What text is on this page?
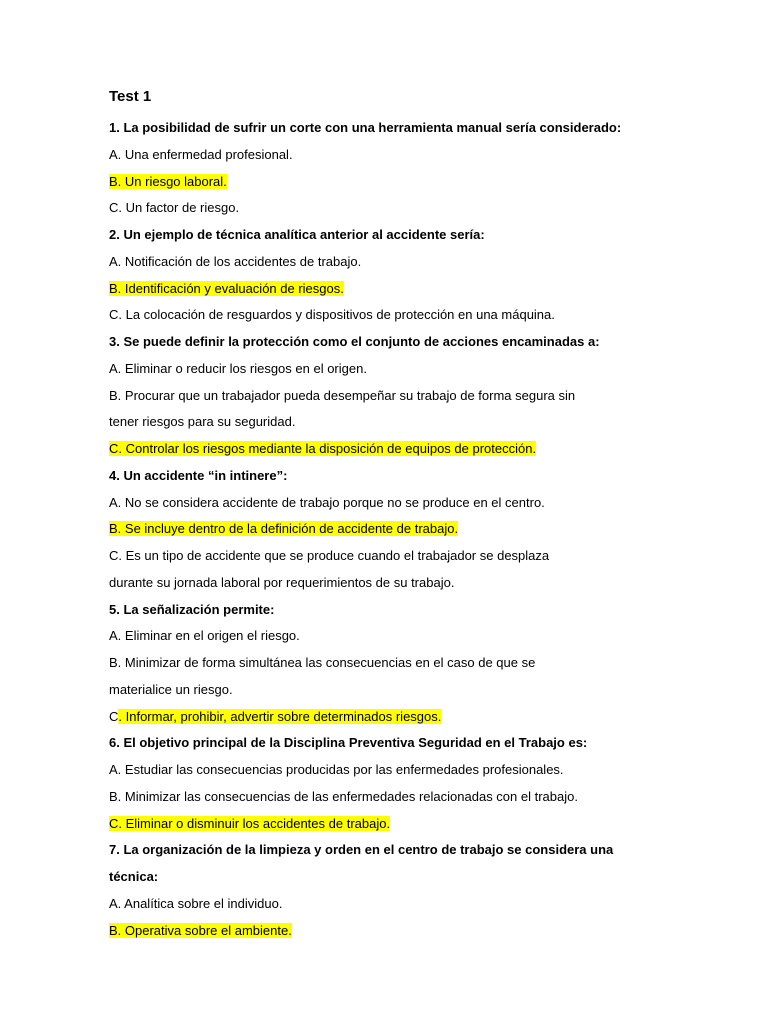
Test 1
1. La posibilidad de sufrir un corte con una herramienta manual sería considerado:
A. Una enfermedad profesional.
B. Un riesgo laboral.
C. Un factor de riesgo.
2. Un ejemplo de técnica analítica anterior al accidente sería:
A. Notificación de los accidentes de trabajo.
B. Identificación y evaluación de riesgos.
C. La colocación de resguardos y dispositivos de protección en una máquina.
3. Se puede definir la protección como el conjunto de acciones encaminadas a:
A. Eliminar o reducir los riesgos en el origen.
B. Procurar que un trabajador pueda desempeñar su trabajo de forma segura sin
tener riesgos para su seguridad.
C. Controlar los riesgos mediante la disposición de equipos de protección.
4. Un accidente “in intinere”:
A. No se considera accidente de trabajo porque no se produce en el centro.
B. Se incluye dentro de la definición de accidente de trabajo.
C. Es un tipo de accidente que se produce cuando el trabajador se desplaza
durante su jornada laboral por requerimientos de su trabajo.
5. La señalización permite:
A. Eliminar en el origen el riesgo.
B. Minimizar de forma simultánea las consecuencias en el caso de que se
materialice un riesgo.
C. Informar, prohibir, advertir sobre determinados riesgos.
6. El objetivo principal de la Disciplina Preventiva Seguridad en el Trabajo es:
A. Estudiar las consecuencias producidas por las enfermedades profesionales.
B. Minimizar las consecuencias de las enfermedades relacionadas con el trabajo.
C. Eliminar o disminuir los accidentes de trabajo.
7. La organización de la limpieza y orden en el centro de trabajo se considera una
técnica:
A. Analítica sobre el individuo.
B. Operativa sobre el ambiente.
